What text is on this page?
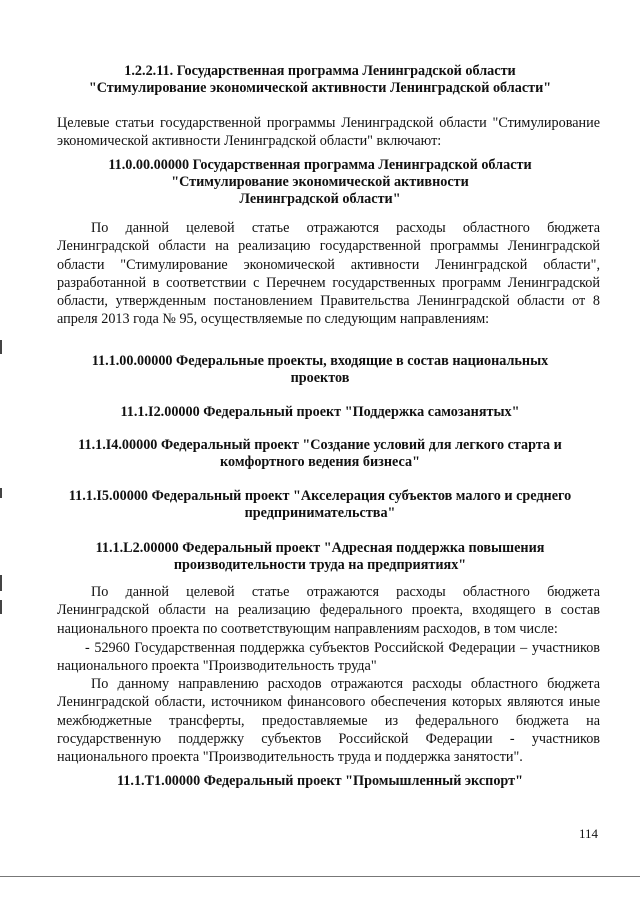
1.2.2.11. Государственная программа Ленинградской области
"Стимулирование экономической активности Ленинградской области"
Целевые статьи государственной программы Ленинградской области "Стимулирование экономической активности Ленинградской области" включают:
11.0.00.00000 Государственная программа Ленинградской области
"Стимулирование экономической активности
Ленинградской области"
По данной целевой статье отражаются расходы областного бюджета Ленинградской области на реализацию государственной программы Ленинградской области "Стимулирование экономической активности Ленинградской области", разработанной в соответствии с Перечнем государственных программ Ленинградской области, утвержденным постановлением Правительства Ленинградской области от 8 апреля 2013 года № 95, осуществляемые по следующим направлениям:
11.1.00.00000 Федеральные проекты, входящие в состав национальных
проектов
11.1.I2.00000 Федеральный проект "Поддержка самозанятых"
11.1.I4.00000 Федеральный проект "Создание условий для легкого старта и
комфортного ведения бизнеса"
11.1.I5.00000 Федеральный проект "Акселерация субъектов малого и среднего
предпринимательства"
11.1.L2.00000 Федеральный проект "Адресная поддержка повышения
производительности труда на предприятиях"
По данной целевой статье отражаются расходы областного бюджета Ленинградской области на реализацию федерального проекта, входящего в состав национального проекта по соответствующим направлениям расходов, в том числе:
- 52960 Государственная поддержка субъектов Российской Федерации – участников национального проекта "Производительность труда"
По данному направлению расходов отражаются расходы областного бюджета Ленинградской области, источником финансового обеспечения которых являются иные межбюджетные трансферты, предоставляемые из федерального бюджета на государственную поддержку субъектов Российской Федерации - участников национального проекта "Производительность труда и поддержка занятости".
11.1.T1.00000 Федеральный проект "Промышленный экспорт"
114
